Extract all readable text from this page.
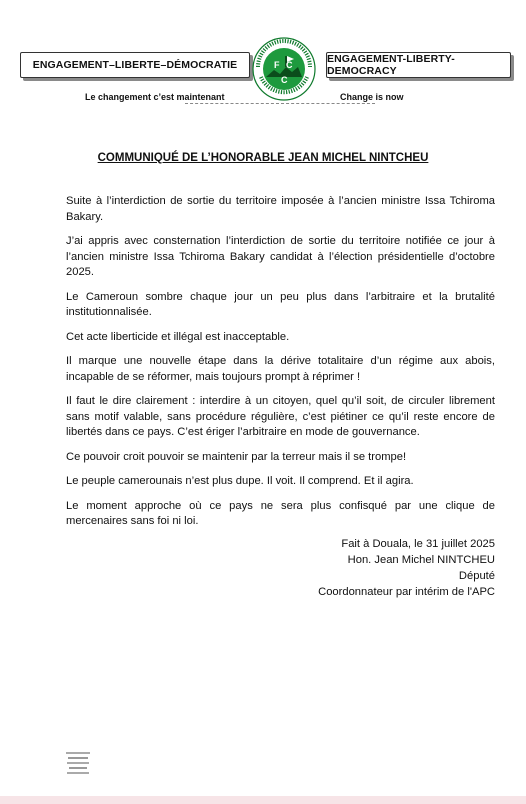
ENGAGEMENT–LIBERTE–DÉMOCRATIE	F C
C
ENGAGEMENT-LIBERTY-DEMOCRACY
Le changement c’est maintenant	Change is now
COMMUNIQUÉ DE L’HONORABLE JEAN MICHEL NINTCHEU

Suite à l’interdiction de sortie du territoire imposée à l’ancien ministre Issa Tchiroma Bakary.

J’ai appris avec consternation l’interdiction de sortie du territoire notifiée ce jour à l’ancien ministre Issa Tchiroma Bakary candidat à l’élection présidentielle d’octobre 2025.

Le Cameroun sombre chaque jour un peu plus dans l’arbitraire et la brutalité institutionnalisée.

Cet acte liberticide et illégal est inacceptable.

Il marque une nouvelle étape dans la dérive totalitaire d’un régime aux abois, incapable de se réformer, mais toujours prompt à réprimer !

Il faut le dire clairement : interdire à un citoyen, quel qu’il soit, de circuler librement sans motif valable, sans procédure régulière, c’est piétiner ce qu’il reste encore de libertés dans ce pays. C’est ériger l’arbitraire en mode de gouvernance.

Ce pouvoir croit pouvoir se maintenir par la terreur mais il se trompe!

Le peuple camerounais n’est plus dupe. Il voit. Il comprend. Et il agira.

Le moment approche où ce pays ne sera plus confisqué par une clique de mercenaires sans foi ni loi.

Fait à Douala, le 31 juillet 2025
Hon. Jean Michel NINTCHEU
Député
Coordonnateur par intérim de l'APC
